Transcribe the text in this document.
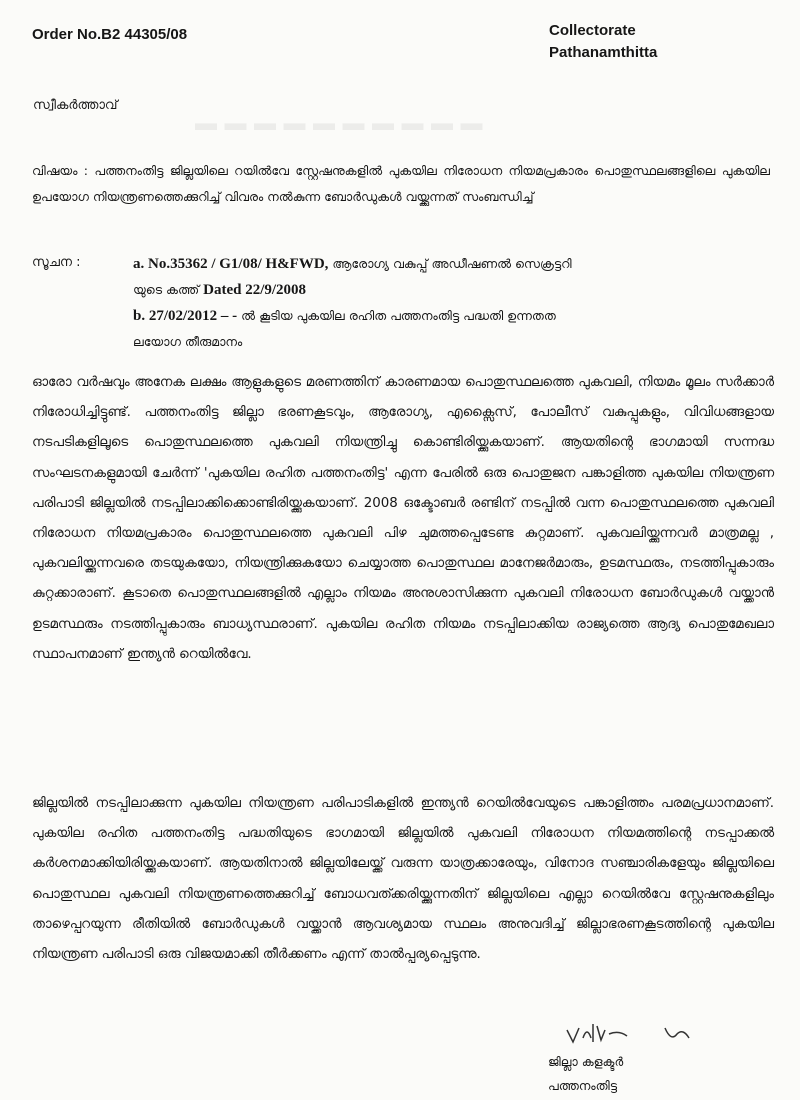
▬ ▬ ▬ ▬ ▬ ▬ ▬ ▬ ▬ ▬
Order No.B2 44305/08	Collectorate
Pathanamthitta
സ്വീകർത്താവ്
വിഷയം : പത്തനംതിട്ട ജില്ലയിലെ റയിൽവേ സ്റ്റേഷനുകളിൽ പുകയില നിരോധന നിയമപ്രകാരം പൊതുസ്ഥലങ്ങളിലെ പുകയില ഉപയോഗ നിയന്ത്രണത്തെക്കുറിച്ച് വിവരം നൽകുന്ന ബോർഡുകൾ വയ്ക്കുന്നത് സംബന്ധിച്ച്
സൂചന :	a. No.35362 / G1/08/ H&FWD, ആരോഗ്യ വകുപ്പ് അഡീഷണൽ സെക്രട്ടറി
യുടെ കത്ത് Dated 22/9/2008
b. 27/02/2012 – - ൽ കൂടിയ പുകയില രഹിത പത്തനംതിട്ട പദ്ധതി ഉന്നതത
ലയോഗ തീരുമാനം
ഓരോ വർഷവും അനേക ലക്ഷം ആളുകളുടെ മരണത്തിന് കാരണമായ പൊതുസ്ഥലത്തെ പുകവലി, നിയമം മൂലം സർക്കാർ നിരോധിച്ചിട്ടുണ്ട്. പത്തനംതിട്ട ജില്ലാ ഭരണകൂടവും, ആരോഗ്യ, എക്സൈസ്, പോലീസ് വകുപ്പുകളും, വിവിധങ്ങളായ നടപടികളിലൂടെ പൊതുസ്ഥലത്തെ പുകവലി നിയന്ത്രിച്ചു കൊണ്ടിരിയ്ക്കുകയാണ്. ആയതിന്റെ ഭാഗമായി സന്നദ്ധ സംഘടനകളുമായി ചേർന്ന് 'പുകയില രഹിത പത്തനംതിട്ട' എന്ന പേരിൽ ഒരു പൊതുജന പങ്കാളിത്ത പുകയില നിയന്ത്രണ പരിപാടി ജില്ലയിൽ നടപ്പിലാക്കിക്കൊണ്ടിരിയ്ക്കുകയാണ്. 2008 ഒക്ടോബർ രണ്ടിന് നടപ്പിൽ വന്ന പൊതുസ്ഥലത്തെ പുകവലി നിരോധന നിയമപ്രകാരം പൊതുസ്ഥലത്തെ പുകവലി പിഴ ചുമത്തപ്പെടേണ്ട കുറ്റമാണ്. പുകവലിയ്ക്കുന്നവർ മാത്രമല്ല , പുകവലിയ്ക്കുന്നവരെ തടയുകയോ, നിയന്ത്രിക്കുകയോ ചെയ്യാത്ത പൊതുസ്ഥല മാനേജർമാരും, ഉടമസ്ഥരും, നടത്തിപ്പുകാരും കുറ്റക്കാരാണ്. കൂടാതെ പൊതുസ്ഥലങ്ങളിൽ എല്ലാം നിയമം അനുശാസിക്കുന്ന പുകവലി നിരോധന ബോർഡുകൾ വയ്ക്കാൻ ഉടമസ്ഥരും നടത്തിപ്പുകാരും ബാധ്യസ്ഥരാണ്. പുകയില രഹിത നിയമം നടപ്പിലാക്കിയ രാജ്യത്തെ ആദ്യ പൊതുമേഖലാ സ്ഥാപനമാണ് ഇന്ത്യൻ റെയിൽവേ.
ജില്ലയിൽ നടപ്പിലാക്കുന്ന പുകയില നിയന്ത്രണ പരിപാടികളിൽ ഇന്ത്യൻ റെയിൽവേയുടെ പങ്കാളിത്തം പരമപ്രധാനമാണ്. പുകയില രഹിത പത്തനംതിട്ട പദ്ധതിയുടെ ഭാഗമായി ജില്ലയിൽ പുകവലി നിരോധന നിയമത്തിന്റെ നടപ്പാക്കൽ കർശനമാക്കിയിരിയ്ക്കുകയാണ്. ആയതിനാൽ ജില്ലയിലേയ്ക്ക് വരുന്ന യാത്രക്കാരേയും, വിനോദ സഞ്ചാരികളേയും ജില്ലയിലെ പൊതുസ്ഥല പുകവലി നിയന്ത്രണത്തെക്കുറിച്ച് ബോധവത്ക്കരിയ്ക്കുന്നതിന് ജില്ലയിലെ എല്ലാ റെയിൽവേ സ്റ്റേഷനുകളിലും താഴെപ്പറയുന്ന രീതിയിൽ ബോർഡുകൾ വയ്ക്കാൻ ആവശ്യമായ സ്ഥലം അനുവദിച്ച് ജില്ലാഭരണകൂടത്തിന്റെ പുകയില നിയന്ത്രണ പരിപാടി ഒരു വിജയമാക്കി തീർക്കണം എന്ന് താൽപ്പര്യപ്പെടുന്നു.
ജില്ലാ കളക്ടർ
പത്തനംതിട്ട
